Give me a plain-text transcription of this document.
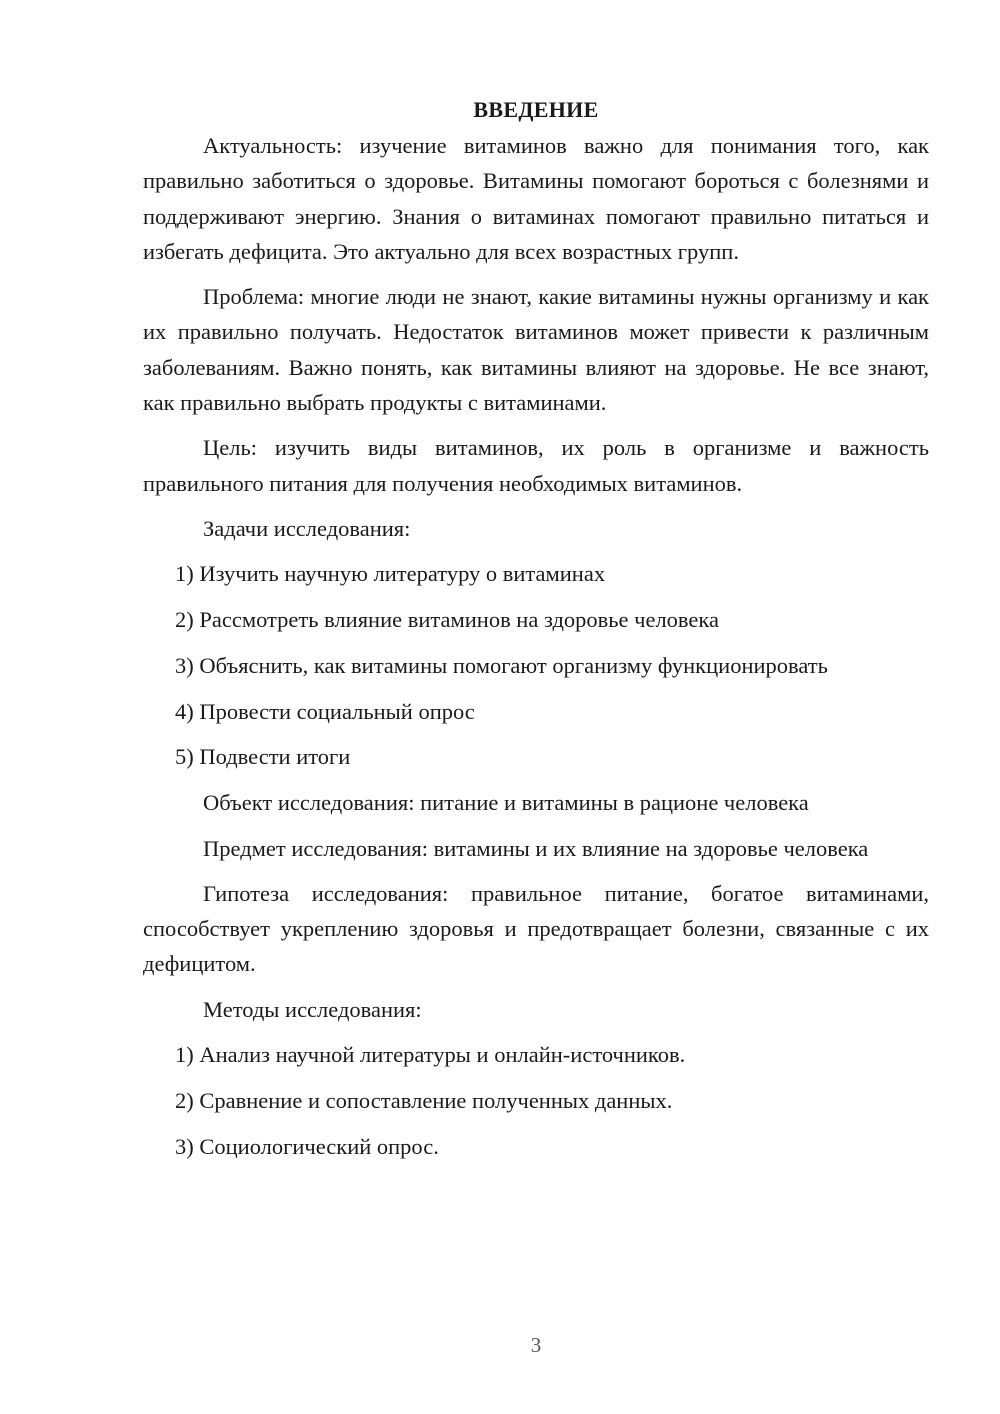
ВВЕДЕНИЕ

Актуальность: изучение витаминов важно для понимания того, как правильно заботиться о здоровье. Витамины помогают бороться с болезнями и поддерживают энергию. Знания о витаминах помогают правильно питаться и избегать дефицита. Это актуально для всех возрастных групп.

Проблема: многие люди не знают, какие витамины нужны организму и как их правильно получать. Недостаток витаминов может привести к различным заболеваниям. Важно понять, как витамины влияют на здоровье. Не все знают, как правильно выбрать продукты с витаминами.

Цель: изучить виды витаминов, их роль в организме и важность правильного питания для получения необходимых витаминов.

Задачи исследования:
1) Изучить научную литературу о витаминах
2) Рассмотреть влияние витаминов на здоровье человека
3) Объяснить, как витамины помогают организму функционировать
4) Провести социальный опрос
5) Подвести итоги

Объект исследования: питание и витамины в рационе человека

Предмет исследования: витамины и их влияние на здоровье человека

Гипотеза исследования: правильное питание, богатое витаминами, способствует укреплению здоровья и предотвращает болезни, связанные с их дефицитом.

Методы исследования:
1) Анализ научной литературы и онлайн-источников.
2) Сравнение и сопоставление полученных данных.
3) Социологический опрос.
3
